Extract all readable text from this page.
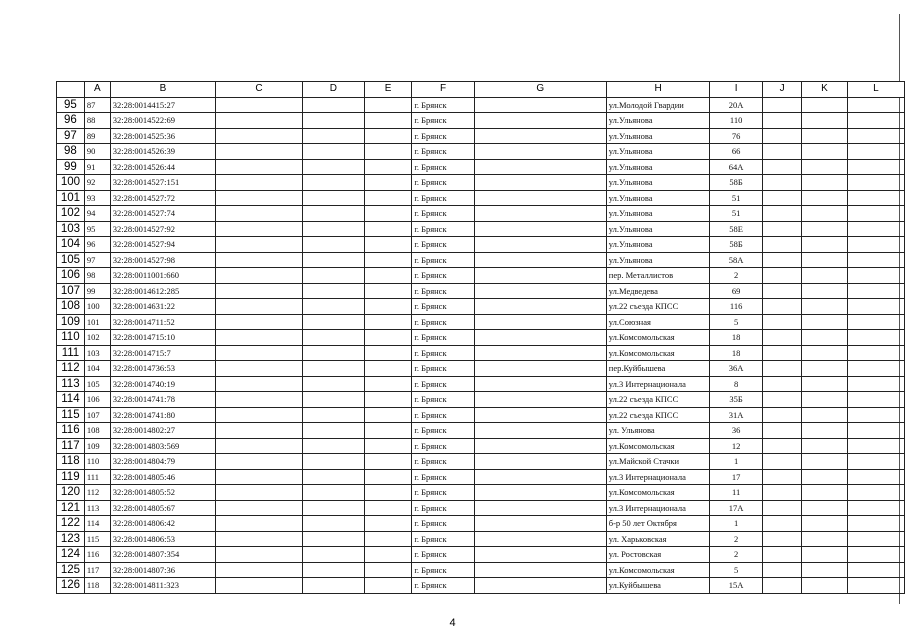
	A	B	C	D	E	F	G	H	I	J	K	L
95	87	32:28:0014415:27				г. Брянск		ул.Молодой Гвардии	20А			
96	88	32:28:0014522:69				г. Брянск		ул.Ульянова	110			
97	89	32:28:0014525:36				г. Брянск		ул.Ульянова	76			
98	90	32:28:0014526:39				г. Брянск		ул.Ульянова	66			
99	91	32:28:0014526:44				г. Брянск		ул.Ульянова	64А			
100	92	32:28:0014527:151				г. Брянск		ул.Ульянова	58Б			
101	93	32:28:0014527:72				г. Брянск		ул.Ульянова	51			
102	94	32:28:0014527:74				г. Брянск		ул.Ульянова	51			
103	95	32:28:0014527:92				г. Брянск		ул.Ульянова	58Е			
104	96	32:28:0014527:94				г. Брянск		ул.Ульянова	58Б			
105	97	32:28:0014527:98				г. Брянск		ул.Ульянова	58А			
106	98	32:28:0011001:660				г. Брянск		пер. Металлистов	2			
107	99	32:28:0014612:285				г. Брянск		ул.Медведева	69			
108	100	32:28:0014631:22				г. Брянск		ул.22 съезда КПСС	116			
109	101	32:28:0014711:52				г. Брянск		ул.Союзная	5			
110	102	32:28:0014715:10				г. Брянск		ул.Комсомольская	18			
111	103	32:28:0014715:7				г. Брянск		ул.Комсомольская	18			
112	104	32:28:0014736:53				г. Брянск		пер.Куйбышева	36А			
113	105	32:28:0014740:19				г. Брянск		ул.3 Интернационала	8			
114	106	32:28:0014741:78				г. Брянск		ул.22 съезда КПСС	35Б			
115	107	32:28:0014741:80				г. Брянск		ул.22 съезда КПСС	31А			
116	108	32:28:0014802:27				г. Брянск		ул. Ульянова	36			
117	109	32:28:0014803:569				г. Брянск		ул.Комсомольская	12			
118	110	32:28:0014804:79				г. Брянск		ул.Майской Стачки	1			
119	111	32:28:0014805:46				г. Брянск		ул.3 Интернационала	17			
120	112	32:28:0014805:52				г. Брянск		ул.Комсомольская	11			
121	113	32:28:0014805:67				г. Брянск		ул.3 Интернационала	17А			
122	114	32:28:0014806:42				г. Брянск		б-р 50 лет Октября	1			
123	115	32:28:0014806:53				г. Брянск		ул. Харьковская	2			
124	116	32:28:0014807:354				г. Брянск		ул. Ростовская	2			
125	117	32:28:0014807:36				г. Брянск		ул.Комсомольская	5			
126	118	32:28:0014811:323				г. Брянск		ул.Куйбышева	15А			
4
